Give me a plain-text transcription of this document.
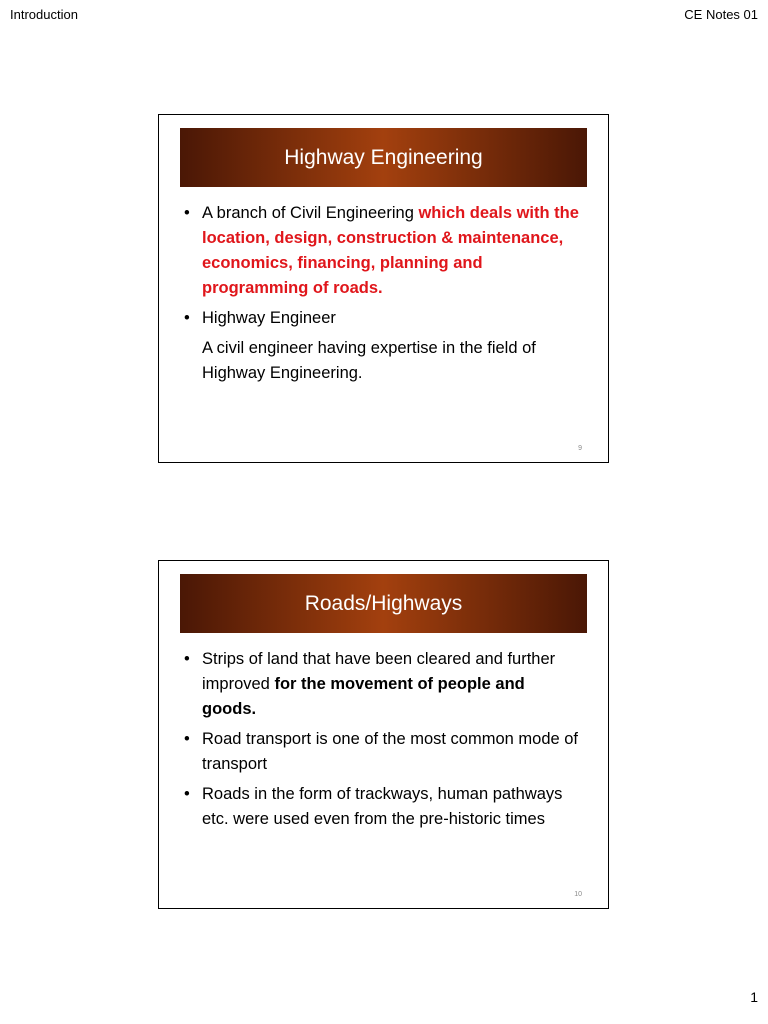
Introduction	CE Notes 01
Highway Engineering
• A branch of Civil Engineering which deals with the location, design, construction & maintenance, economics, financing, planning and programming of roads.
• Highway Engineer
A civil engineer having expertise in the field of Highway Engineering.
9
Roads/Highways
• Strips of land that have been cleared and further improved for the movement of people and goods.
• Road transport is one of the most common mode of transport
• Roads in the form of trackways, human pathways etc. were used even from the pre-historic times
10
1
